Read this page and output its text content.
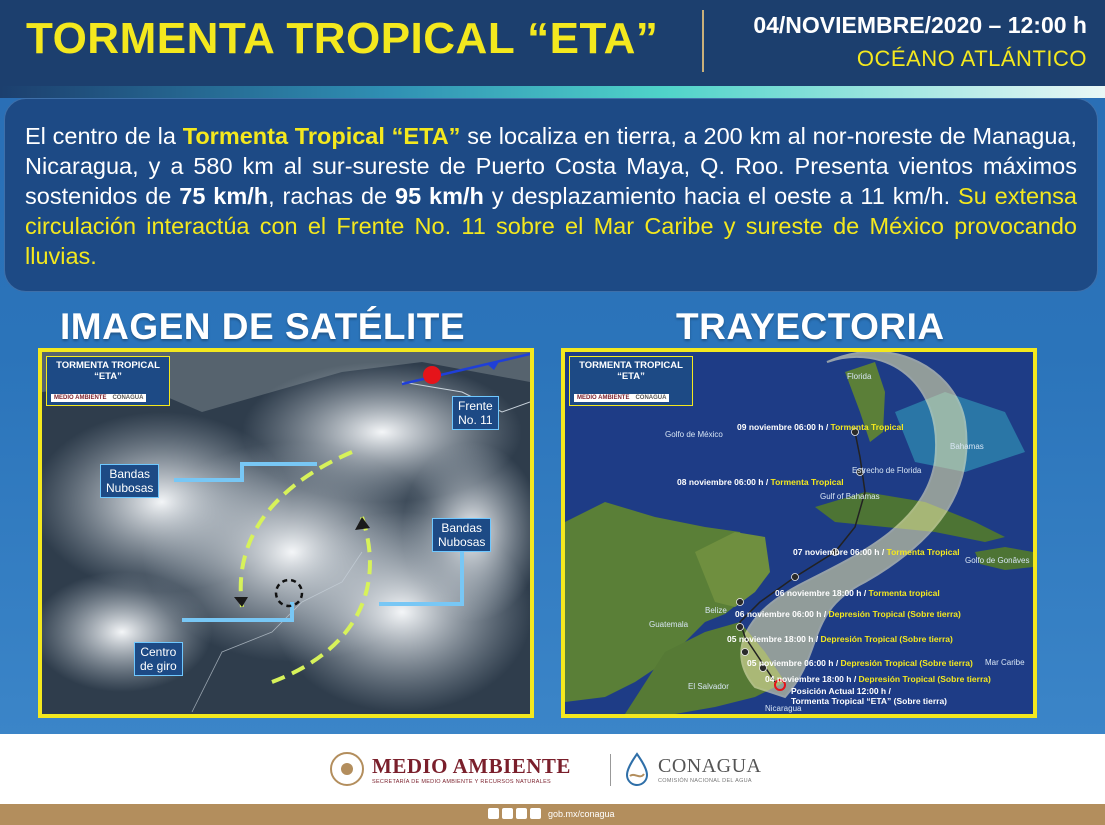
TORMENTA TROPICAL “ETA”	04/NOVIEMBRE/2020 – 12:00 h
OCÉANO ATLÁNTICO

El centro de la Tormenta Tropical “ETA” se localiza en tierra, a 200 km al nor-noreste de Managua, Nicaragua, y a 580 km al sur-sureste de Puerto Costa Maya, Q. Roo. Presenta vientos máximos sostenidos de 75 km/h, rachas de 95 km/h y desplazamiento hacia el oeste a 11 km/h. Su extensa circulación interactúa con el Frente No. 11 sobre el Mar Caribe y sureste de México provocando lluvias.

IMAGEN DE SATÉLITE	TRAYECTORIA
TORMENTA TROPICAL
“ETA”
MEDIO AMBIENTE CONAGUA
Frente
No. 11
Bandas
Nubosas
Bandas
Nubosas
Centro
de giro
TORMENTA TROPICAL
“ETA”
MEDIO AMBIENTE CONAGUA
Florida
Golfo de México
Bahamas
Estrecho de Florida
Gulf of Bahamas
Golfo de Gonâves
Belize
Guatemala
El Salvador
Nicaragua
Mar Caribe
09 noviembre 06:00 h / Tormenta Tropical
08 noviembre 06:00 h / Tormenta Tropical
07 noviembre 06:00 h / Tormenta Tropical
06 noviembre 18:00 h / Tormenta tropical
06 noviembre 06:00 h / Depresión Tropical (Sobre tierra)
05 noviembre 18:00 h / Depresión Tropical (Sobre tierra)
05 noviembre 06:00 h / Depresión Tropical (Sobre tierra)
04 noviembre 18:00 h / Depresión Tropical (Sobre tierra)
Posición Actual 12:00 h /
Tormenta Tropical “ETA” (Sobre tierra)
MEDIO AMBIENTE
SECRETARÍA DE MEDIO AMBIENTE Y RECURSOS NATURALES
CONAGUA
COMISIÓN NACIONAL DEL AGUA
gob.mx/conagua
